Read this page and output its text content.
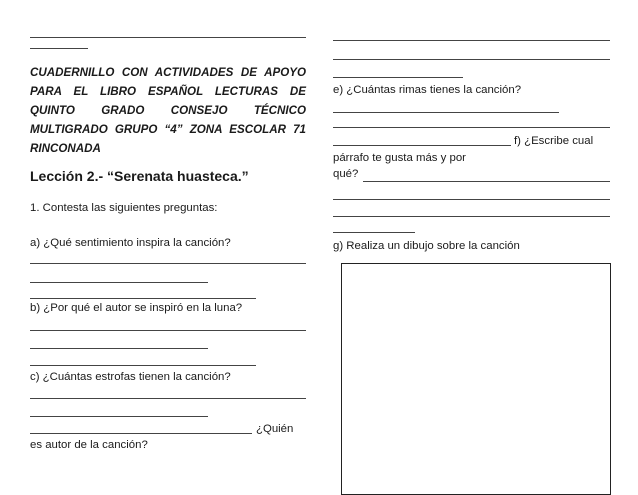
CUADERNILLO CON ACTIVIDADES DE APOYO PARA EL LIBRO ESPAÑOL LECTURAS DE QUINTO GRADO CONSEJO TÉCNICO MULTIGRADO GRUPO “4” ZONA ESCOLAR 71 RINCONADA
Lección 2.- “Serenata huasteca.”
1. Contesta las siguientes preguntas:
a) ¿Qué sentimiento inspira la canción?
b) ¿Por qué el autor se inspiró en la luna?
c) ¿Cuántas estrofas tienen la canción?
¿Quién
es autor de la canción?
e) ¿Cuántas rimas tienes la canción?
f) ¿Escribe cual
párrafo te gusta más y por
qué?
g) Realiza un dibujo sobre la canción
